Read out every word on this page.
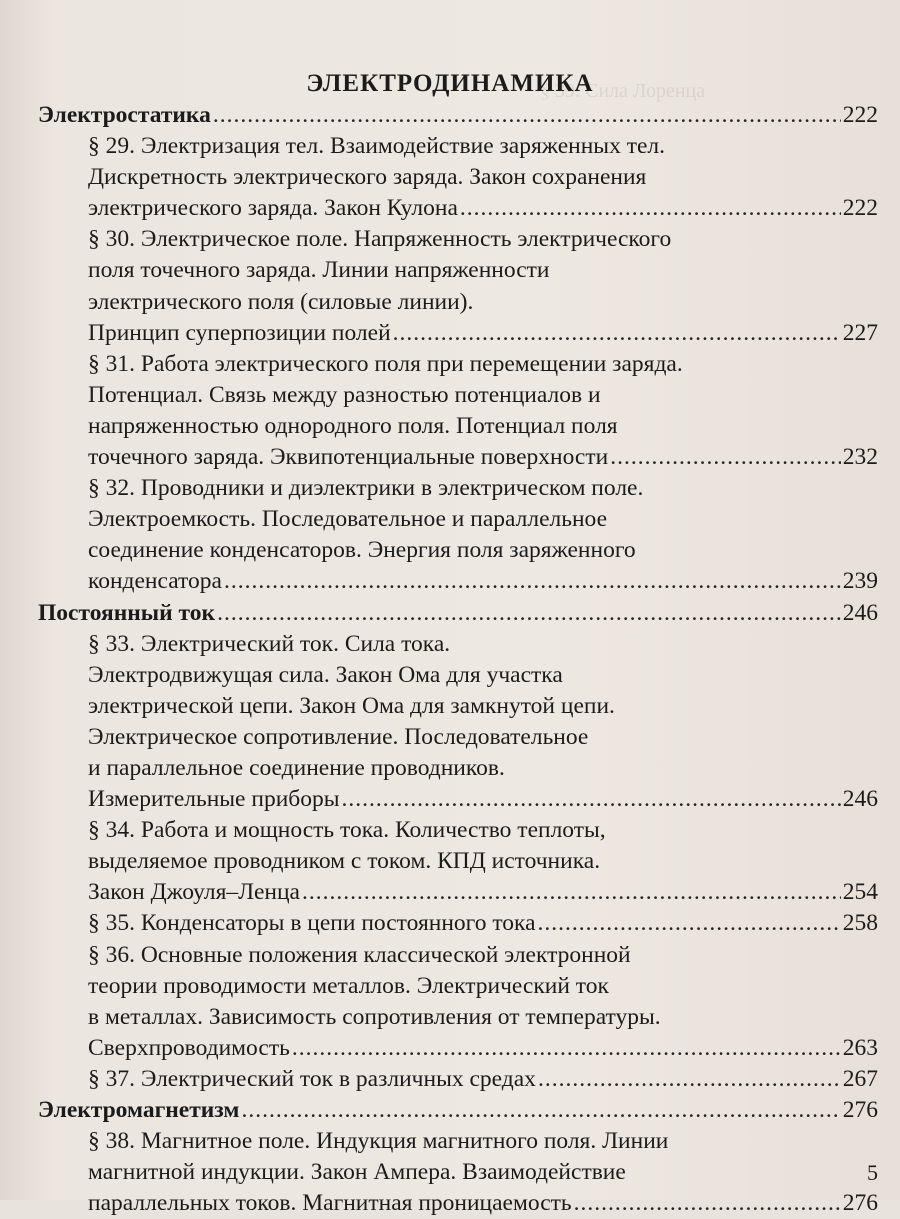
§ 39. Сила Лоренца
ЭЛЕКТРОДИНАМИКА
Электростатика .....	222
§ 29. Электризация тел. Взаимодействие заряженных тел.
Дискретность электрического заряда. Закон сохранения
электрического заряда. Закон Кулона .....	222
§ 30. Электрическое поле. Напряженность электрического
поля точечного заряда. Линии напряженности
электрического поля (силовые линии).
Принцип суперпозиции полей .....	227
§ 31. Работа электрического поля при перемещении заряда.
Потенциал. Связь между разностью потенциалов и
напряженностью однородного поля. Потенциал поля
точечного заряда. Эквипотенциальные поверхности .....	232
§ 32. Проводники и диэлектрики в электрическом поле.
Электроемкость. Последовательное и параллельное
соединение конденсаторов. Энергия поля заряженного
конденсатора .....	239
Постоянный ток .....	246
§ 33. Электрический ток. Сила тока.
Электродвижущая сила. Закон Ома для участка
электрической цепи. Закон Ома для замкнутой цепи.
Электрическое сопротивление. Последовательное
и параллельное соединение проводников.
Измерительные приборы .....	246
§ 34. Работа и мощность тока. Количество теплоты,
выделяемое проводником с током. КПД источника.
Закон Джоуля–Ленца .....	254
§ 35. Конденсаторы в цепи постоянного тока .....	258
§ 36. Основные положения классической электронной
теории проводимости металлов. Электрический ток
в металлах. Зависимость сопротивления от температуры.
Сверхпроводимость .....	263
§ 37. Электрический ток в различных средах .....	267
Электромагнетизм .....	276
§ 38. Магнитное поле. Индукция магнитного поля. Линии
магнитной индукции. Закон Ампера. Взаимодействие
параллельных токов. Магнитная проницаемость .....	276
5
